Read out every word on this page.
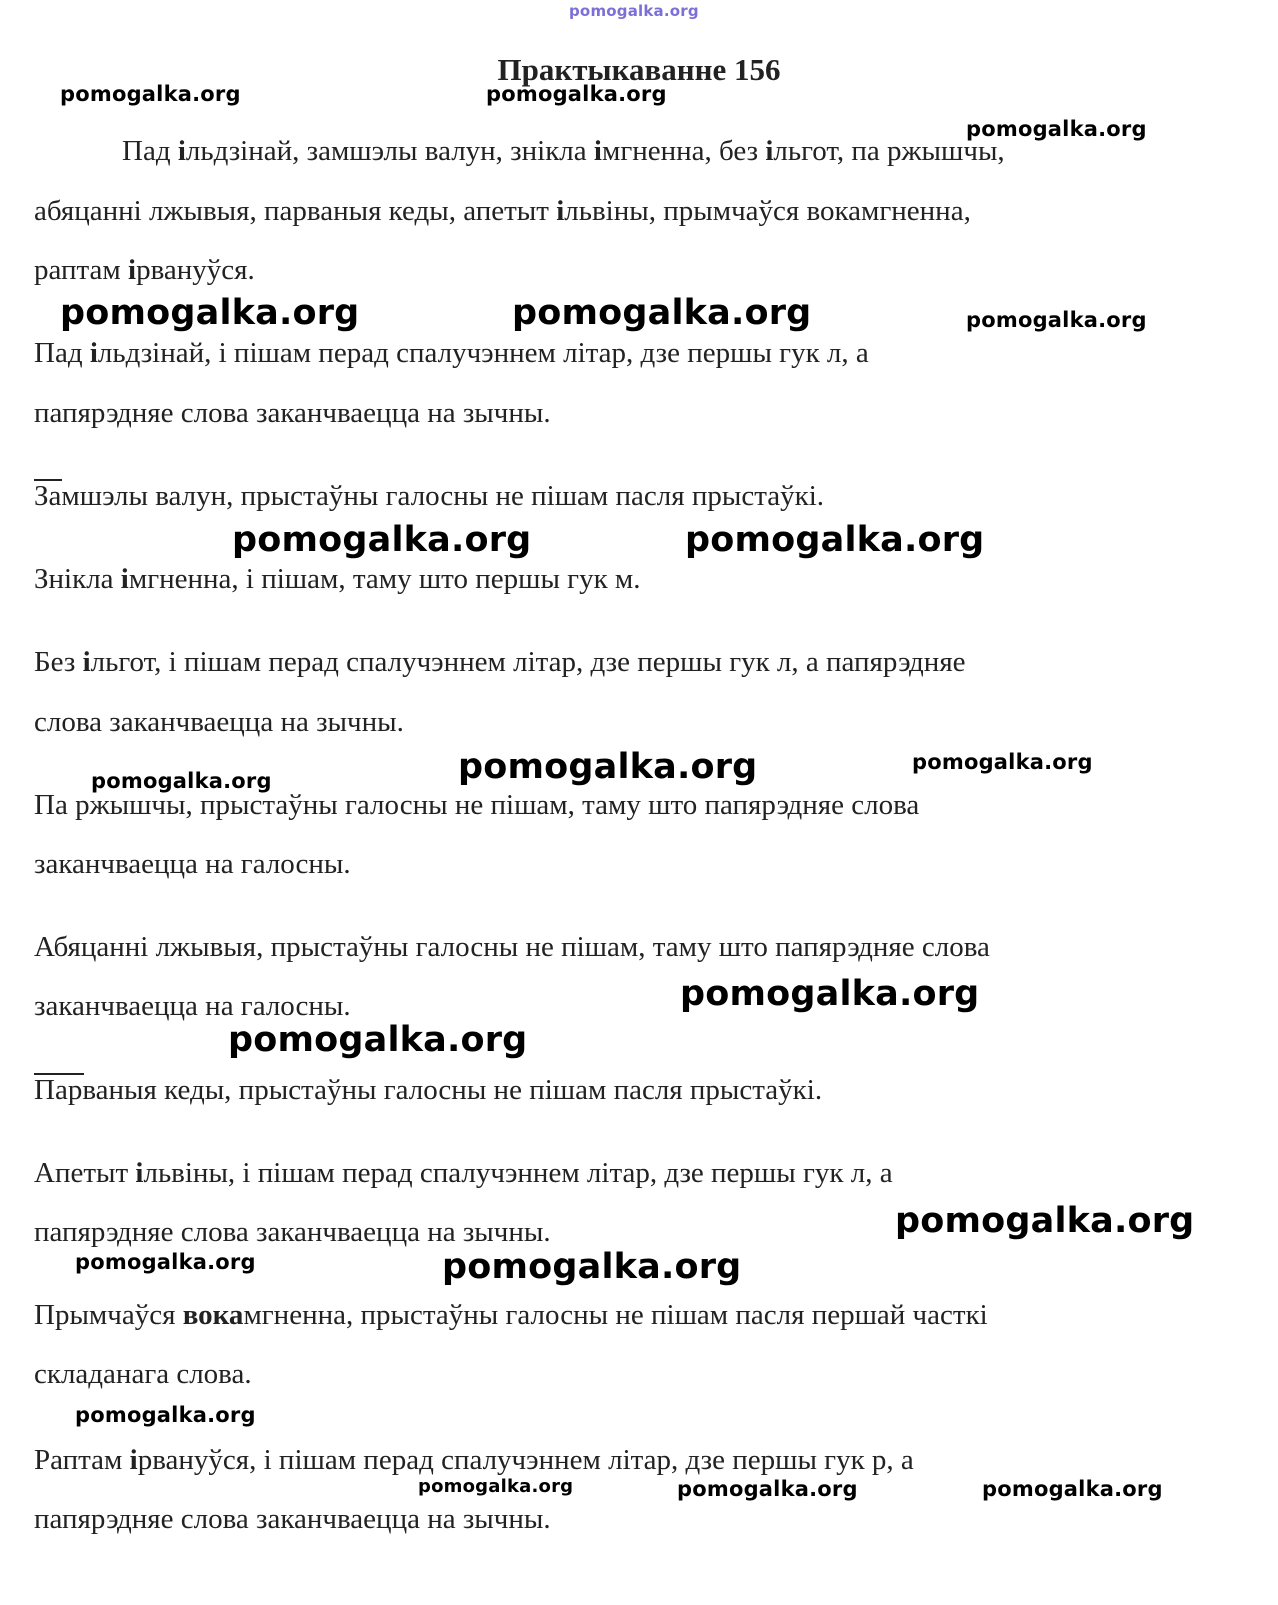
pomogalka.org
Практыкаванне 156

Пад ільдзінай, замшэлы валун, знікла імгненна, без ільгот, па ржышчы,

абяцанні лжывыя, парваныя кеды, апетыт ільвіны, прымчаўся вокамгненна,

раптам ірвануўся.

Пад ільдзінай, і пішам перад спалучэннем літар, дзе першы гук л, а

папярэдняе слова заканчваецца на зычны.

Замшэлы валун, прыстаўны галосны не пішам пасля прыстаўкі.

Знікла імгненна, і пішам, таму што першы гук м.

Без ільгот, і пішам перад спалучэннем літар, дзе першы гук л, а папярэдняе

слова заканчваецца на зычны.

Па ржышчы, прыстаўны галосны не пішам, таму што папярэдняе слова

заканчваецца на галосны.

Абяцанні лжывыя, прыстаўны галосны не пішам, таму што папярэдняе слова

заканчваецца на галосны.

Парваныя кеды, прыстаўны галосны не пішам пасля прыстаўкі.

Апетыт ільвіны, і пішам перад спалучэннем літар, дзе першы гук л, а

папярэдняе слова заканчваецца на зычны.

Прымчаўся вокамгненна, прыстаўны галосны не пішам пасля першай часткі

складанага слова.

Раптам ірвануўся, і пішам перад спалучэннем літар, дзе першы гук р, а

папярэдняе слова заканчваецца на зычны.

pomogalka.org	pomogalka.org
pomogalka.org
pomogalka.org	pomogalka.org	pomogalka.org
pomogalka.org	pomogalka.org
pomogalka.org	pomogalka.org	pomogalka.org
pomogalka.org
pomogalka.org
pomogalka.org
pomogalka.org	pomogalka.org
pomogalka.org
pomogalka.org	pomogalka.org	pomogalka.org
